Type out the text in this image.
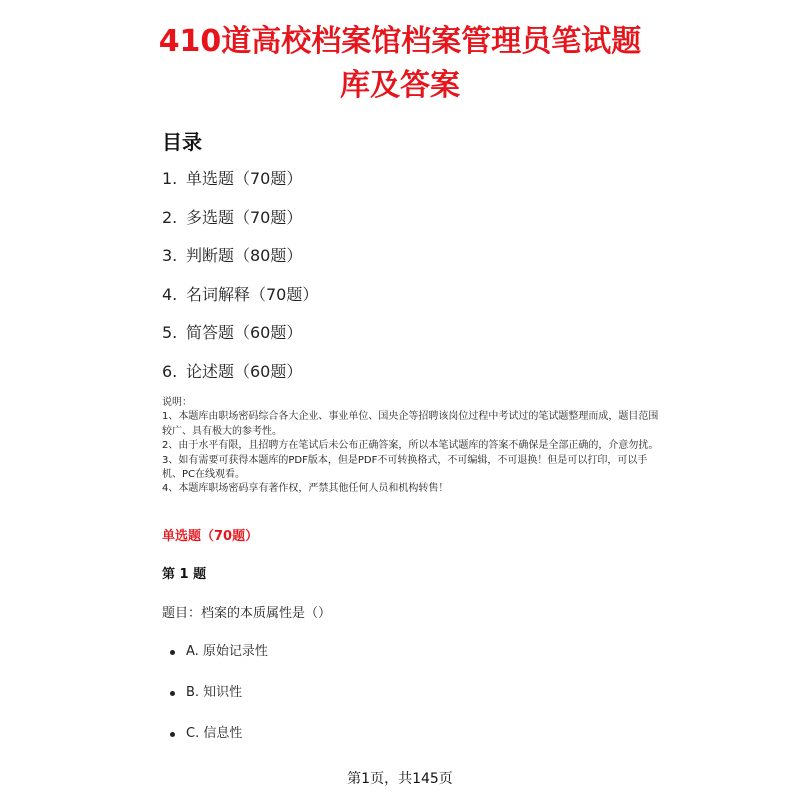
410道高校档案馆档案管理员笔试题
库及答案
目录
1. 单选题（70题）
2. 多选题（70题）
3. 判断题（80题）
4. 名词解释（70题）
5. 简答题（60题）
6. 论述题（60题）

说明：

1、本题库由职场密码综合各大企业、事业单位、国央企等招聘该岗位过程中考试过的笔试题整理而成，题目范围较广、具有极大的参考性。

2、由于水平有限，且招聘方在笔试后未公布正确答案，所以本笔试题库的答案不确保是全部正确的，介意勿扰。

3、如有需要可获得本题库的PDF版本，但是PDF不可转换格式，不可编辑，不可退换！但是可以打印，可以手机、PC在线观看。

4、本题库职场密码享有著作权，严禁其他任何人员和机构转售！

单选题（70题）
第 1 题
题目：档案的本质属性是（）
A. 原始记录性
B. 知识性
C. 信息性
第1页，共145页
